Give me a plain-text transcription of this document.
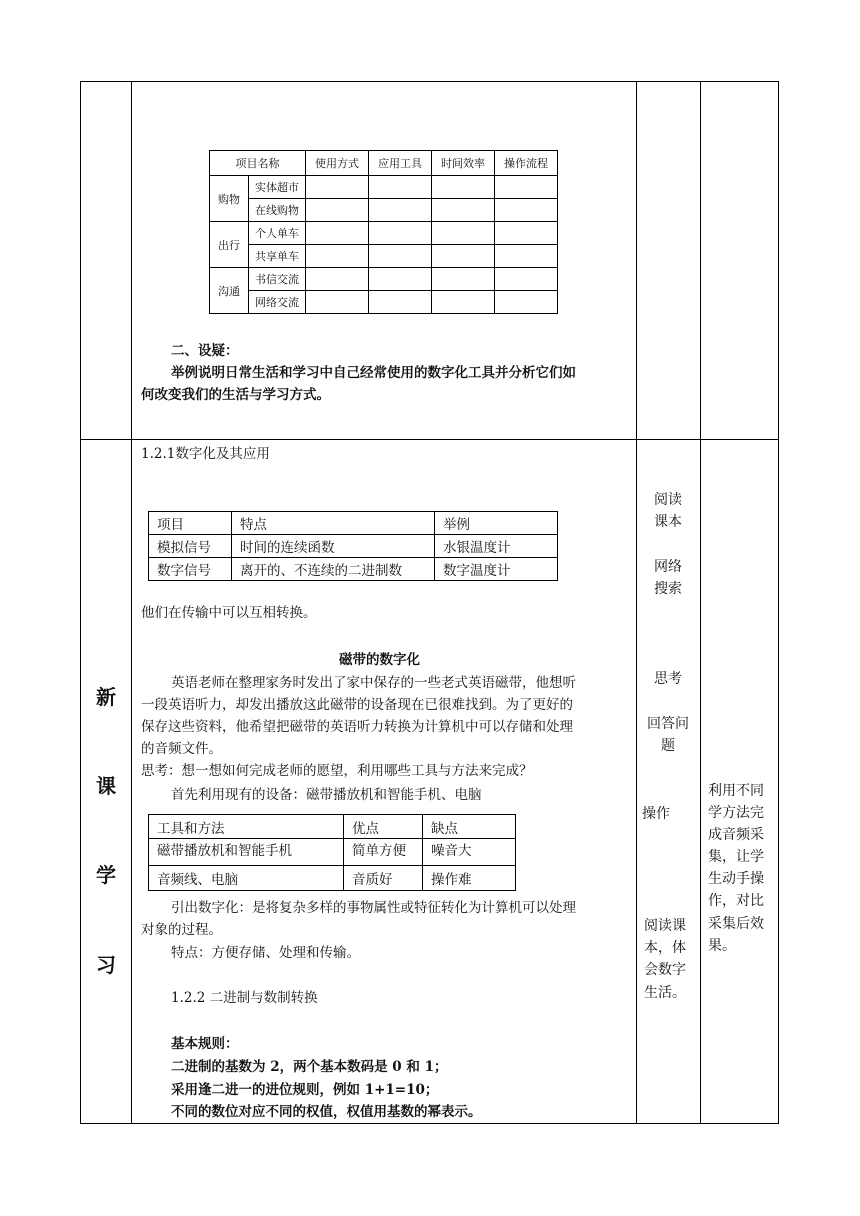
项目名称		使用方式	应用工具	时间效率	操作流程
购物	实体超市				
	在线购物				
出行	个人单车				
	共享单车				
沟通	书信交流				
	网络交流				
二、设疑：
举例说明日常生活和学习中自己经常使用的数字化工具并分析它们如
何改变我们的生活与学习方式。
新
课
学
习
1.2.1数字化及其应用
项目	特点	举例
模拟信号	时间的连续函数	水银温度计
数字信号	离开的、不连续的二进制数	数字温度计
他们在传输中可以互相转换。
磁带的数字化
英语老师在整理家务时发出了家中保存的一些老式英语磁带，他想听
一段英语听力，却发出播放这此磁带的设备现在已很难找到。为了更好的
保存这些资料，他希望把磁带的英语听力转换为计算机中可以存储和处理
的音频文件。
思考：想一想如何完成老师的愿望，利用哪些工具与方法来完成？
首先利用现有的设备：磁带播放机和智能手机、电脑
工具和方法	优点	缺点
磁带播放机和智能手机	简单方便	噪音大
音频线、电脑	音质好	操作难
引出数字化：是将复杂多样的事物属性或特征转化为计算机可以处理
对象的过程。
特点：方便存储、处理和传输。
1.2.2 二进制与数制转换
基本规则：
二进制的基数为 2，两个基本数码是 0 和 1；
采用逢二进一的进位规则，例如 1+1=10；
不同的数位对应不同的权值，权值用基数的幂表示。
阅读
课本
网络
搜索
思考
回答问
题
操作
阅读课
本，体
会数字
生活。
利用不同
学方法完
成音频采
集，让学
生动手操
作，对比
采集后效
果。
